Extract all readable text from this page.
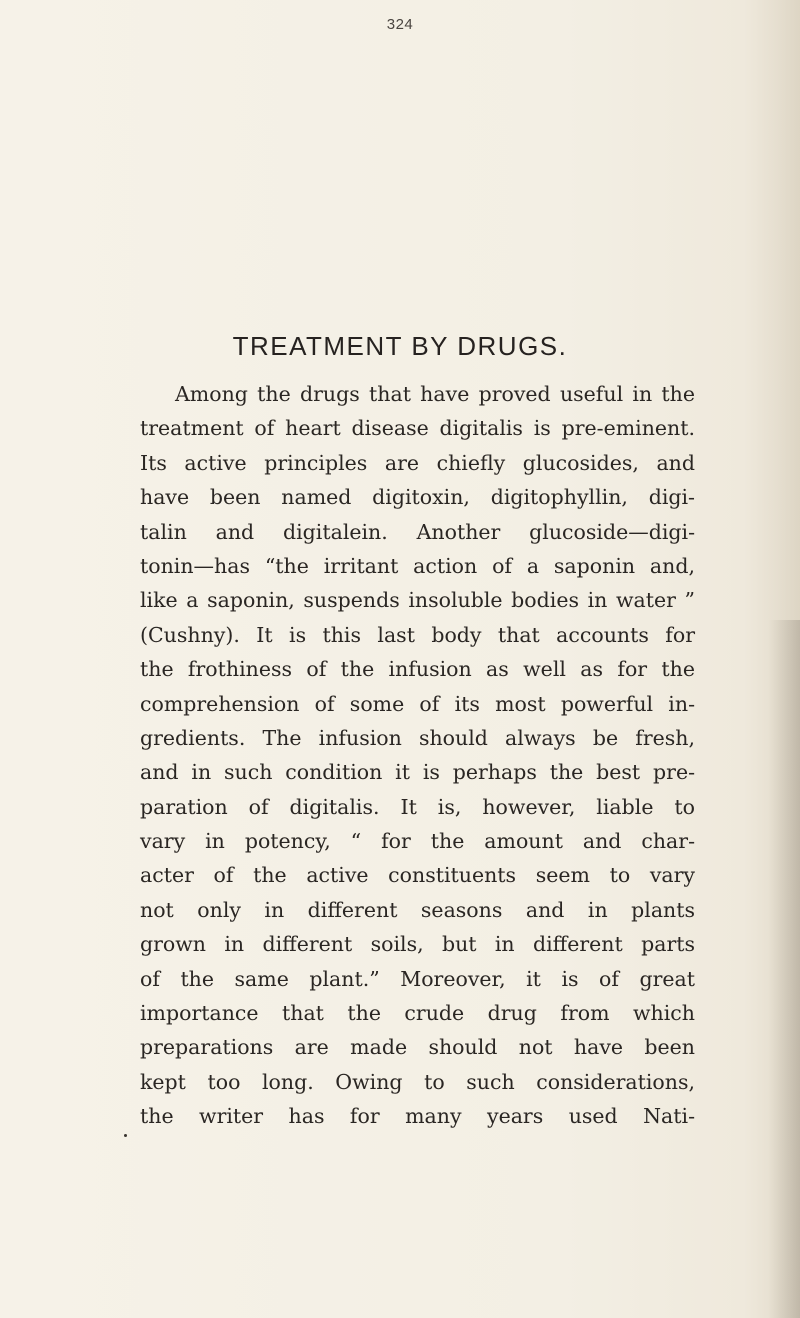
324
TREATMENT BY DRUGS.
Among the drugs that have proved useful in the
treatment of heart disease digitalis is pre-eminent.
Its active principles are chiefly glucosides, and
have been named digitoxin, digitophyllin, digi-
talin and digitalein. Another glucoside—digi-
tonin—has “the irritant action of a saponin and,
like a saponin, suspends insoluble bodies in water ”
(Cushny). It is this last body that accounts for
the frothiness of the infusion as well as for the
comprehension of some of its most powerful in-
gredients. The infusion should always be fresh,
and in such condition it is perhaps the best pre-
paration of digitalis. It is, however, liable to
vary in potency, “ for the amount and char-
acter of the active constituents seem to vary
not only in different seasons and in plants
grown in different soils, but in different parts
of the same plant.” Moreover, it is of great
importance that the crude drug from which
preparations are made should not have been
kept too long. Owing to such considerations,
the writer has for many years used Nati-
